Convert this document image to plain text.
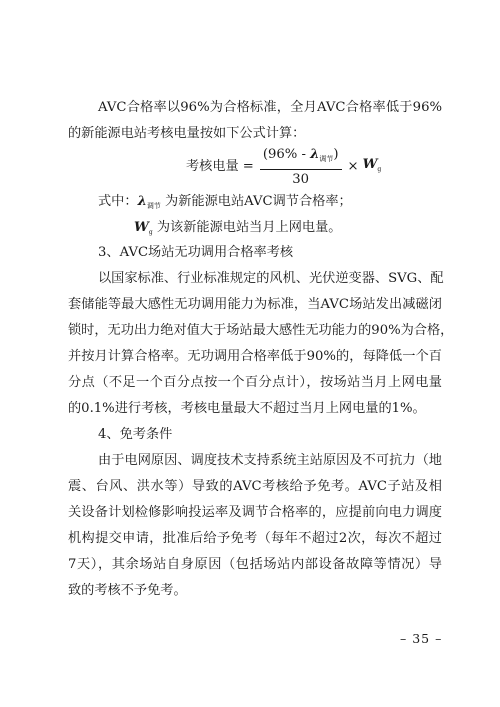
AVC合格率以96%为合格标准，全月AVC合格率低于96%
的新能源电站考核电量按如下公式计算：
考核电量 = $\frac{(96\% - \lambda_{调节})}{30} \times W_g$
式中：$\lambda_{调节}$ 为新能源电站AVC调节合格率；
$W_g$ 为该新能源电站当月上网电量。
3、AVC场站无功调用合格率考核
以国家标准、行业标准规定的风机、光伏逆变器、SVG、配
套储能等最大感性无功调用能力为标准，当AVC场站发出减磁闭
锁时，无功出力绝对值大于场站最大感性无功能力的90%为合格，
并按月计算合格率。无功调用合格率低于90%的，每降低一个百
分点（不足一个百分点按一个百分点计），按场站当月上网电量
的0.1%进行考核，考核电量最大不超过当月上网电量的1%。
4、免考条件
由于电网原因、调度技术支持系统主站原因及不可抗力（地
震、台风、洪水等）导致的AVC考核给予免考。AVC子站及相
关设备计划检修影响投运率及调节合格率的，应提前向电力调度
机构提交申请，批准后给予免考（每年不超过2次，每次不超过
7天），其余场站自身原因（包括场站内部设备故障等情况）导
致的考核不予免考。
– 35 –
